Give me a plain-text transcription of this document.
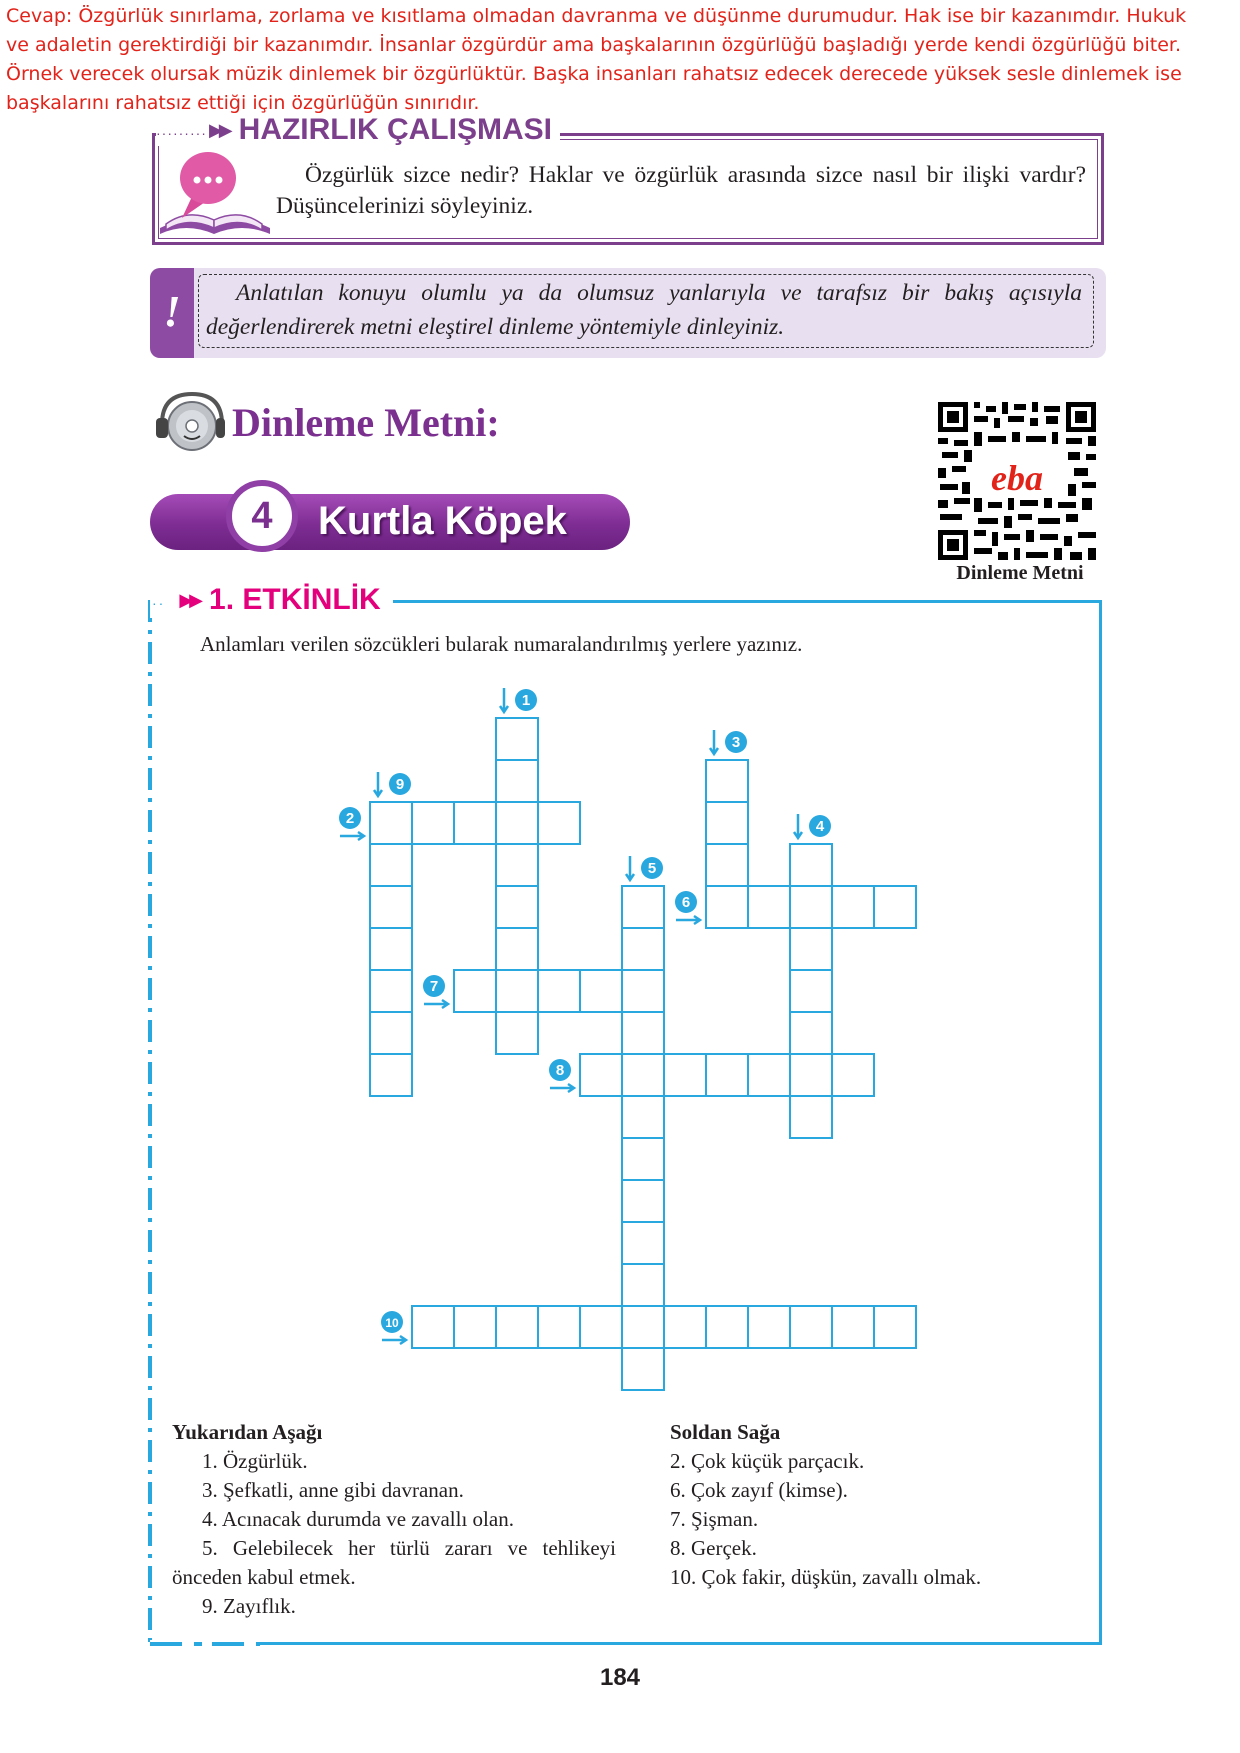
Cevap: Özgürlük sınırlama, zorlama ve kısıtlama olmadan davranma ve düşünme durumudur. Hak ise bir kazanımdır. Hukuk
ve adaletin gerektirdiği bir kazanımdır. İnsanlar özgürdür ama başkalarının özgürlüğü başladığı yerde kendi özgürlüğü biter.
Örnek verecek olursak müzik dinlemek bir özgürlüktür. Başka insanları rahatsız edecek derecede yüksek sesle dinlemek ise
başkalarını rahatsız ettiği için özgürlüğün sınırıdır.
········· ▶▶ HAZIRLIK ÇALIŞMASI

Özgürlük sizce nedir? Haklar ve özgürlük arasında sizce nasıl bir ilişki vardır? Düşüncelerinizi söyleyiniz.

!	Anlatılan konuyu olumlu ya da olumsuz yanlarıyla ve tarafsız bir bakış açısıyla değerlendirerek metni eleştirel dinleme yöntemiyle dinleyiniz.

Dinleme Metni:
eba
Dinleme Metni
4	Kurtla Köpek
·· ▶▶ 1. ETKİNLİK

Anlamları verilen sözcükleri bularak numaralandırılmış yerlere yazınız.

1
2
3
4
5
6
7
8
9
10
Yukarıdan Aşağı

1. Özgürlük.

3. Şefkatli, anne gibi davranan.

4. Acınacak durumda ve zavallı olan.

5. Gelebilecek her türlü zararı ve tehlikeyi önceden kabul etmek.

9. Zayıflık.

Soldan Sağa

2. Çok küçük parçacık.

6. Çok zayıf (kimse).

7. Şişman.

8. Gerçek.

10. Çok fakir, düşkün, zavallı olmak.

184
